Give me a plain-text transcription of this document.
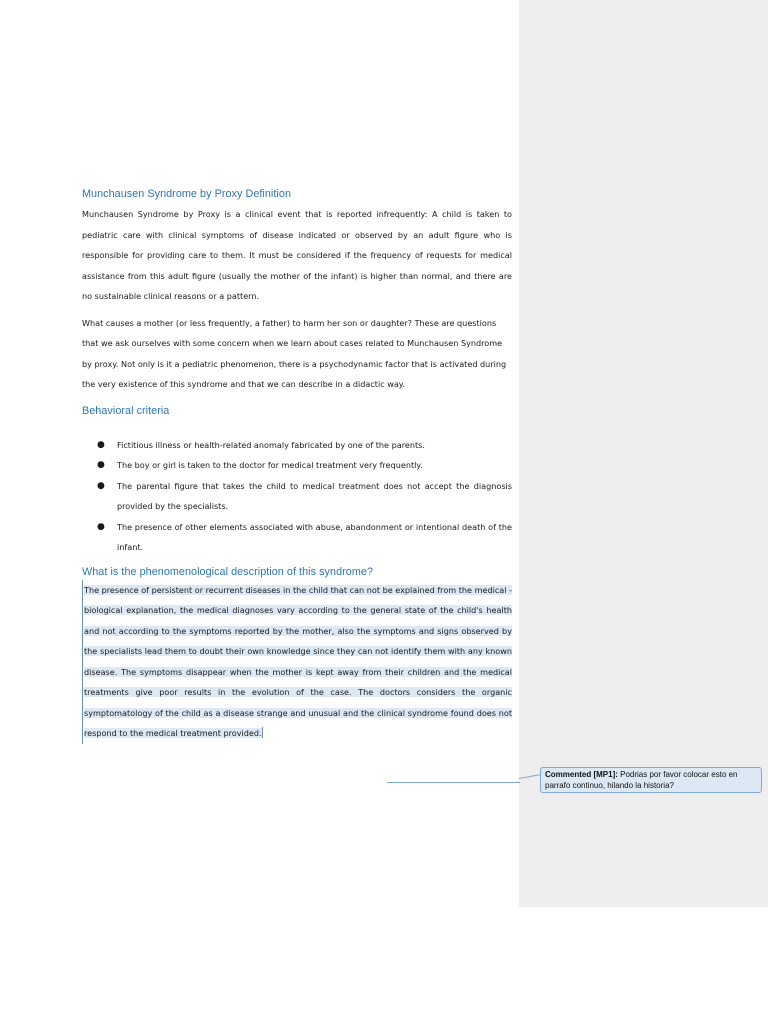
Munchausen Syndrome by Proxy Definition

Munchausen Syndrome by Proxy is a clinical event that is reported infrequently: A child is taken to pediatric care with clinical symptoms of disease indicated or observed by an adult figure who is responsible for providing care to them. It must be considered if the frequency of requests for medical assistance from this adult figure (usually the mother of the infant) is higher than normal, and there are no sustainable clinical reasons or a pattern.

What causes a mother (or less frequently, a father) to harm her son or daughter? These are questions that we ask ourselves with some concern when we learn about cases related to Munchausen Syndrome by proxy. Not only is it a pediatric phenomenon, there is a psychodynamic factor that is activated during the very existence of this syndrome and that we can describe in a didactic way.

Behavioral criteria
● Fictitious illness or health-related anomaly fabricated by one of the parents.
● The boy or girl is taken to the doctor for medical treatment very frequently.
● The parental figure that takes the child to medical treatment does not accept the diagnosis provided by the specialists.
● The presence of other elements associated with abuse, abandonment or intentional death of the infant.
What is the phenomenological description of this syndrome?

The presence of persistent or recurrent diseases in the child that can not be explained from the medical - biological explanation, the medical diagnoses vary according to the general state of the child's health and not according to the symptoms reported by the mother, also the symptoms and signs observed by the specialists lead them to doubt their own knowledge since they can not identify them with any known disease. The symptoms disappear when the mother is kept away from their children and the medical treatments give poor results in the evolution of the case. The doctors considers the organic symptomatology of the child as a disease strange and unusual and the clinical syndrome found does not respond to the medical treatment provided.

Commented [MP1]: Podrias por favor colocar esto en parrafo continuo, hilando la historia?
